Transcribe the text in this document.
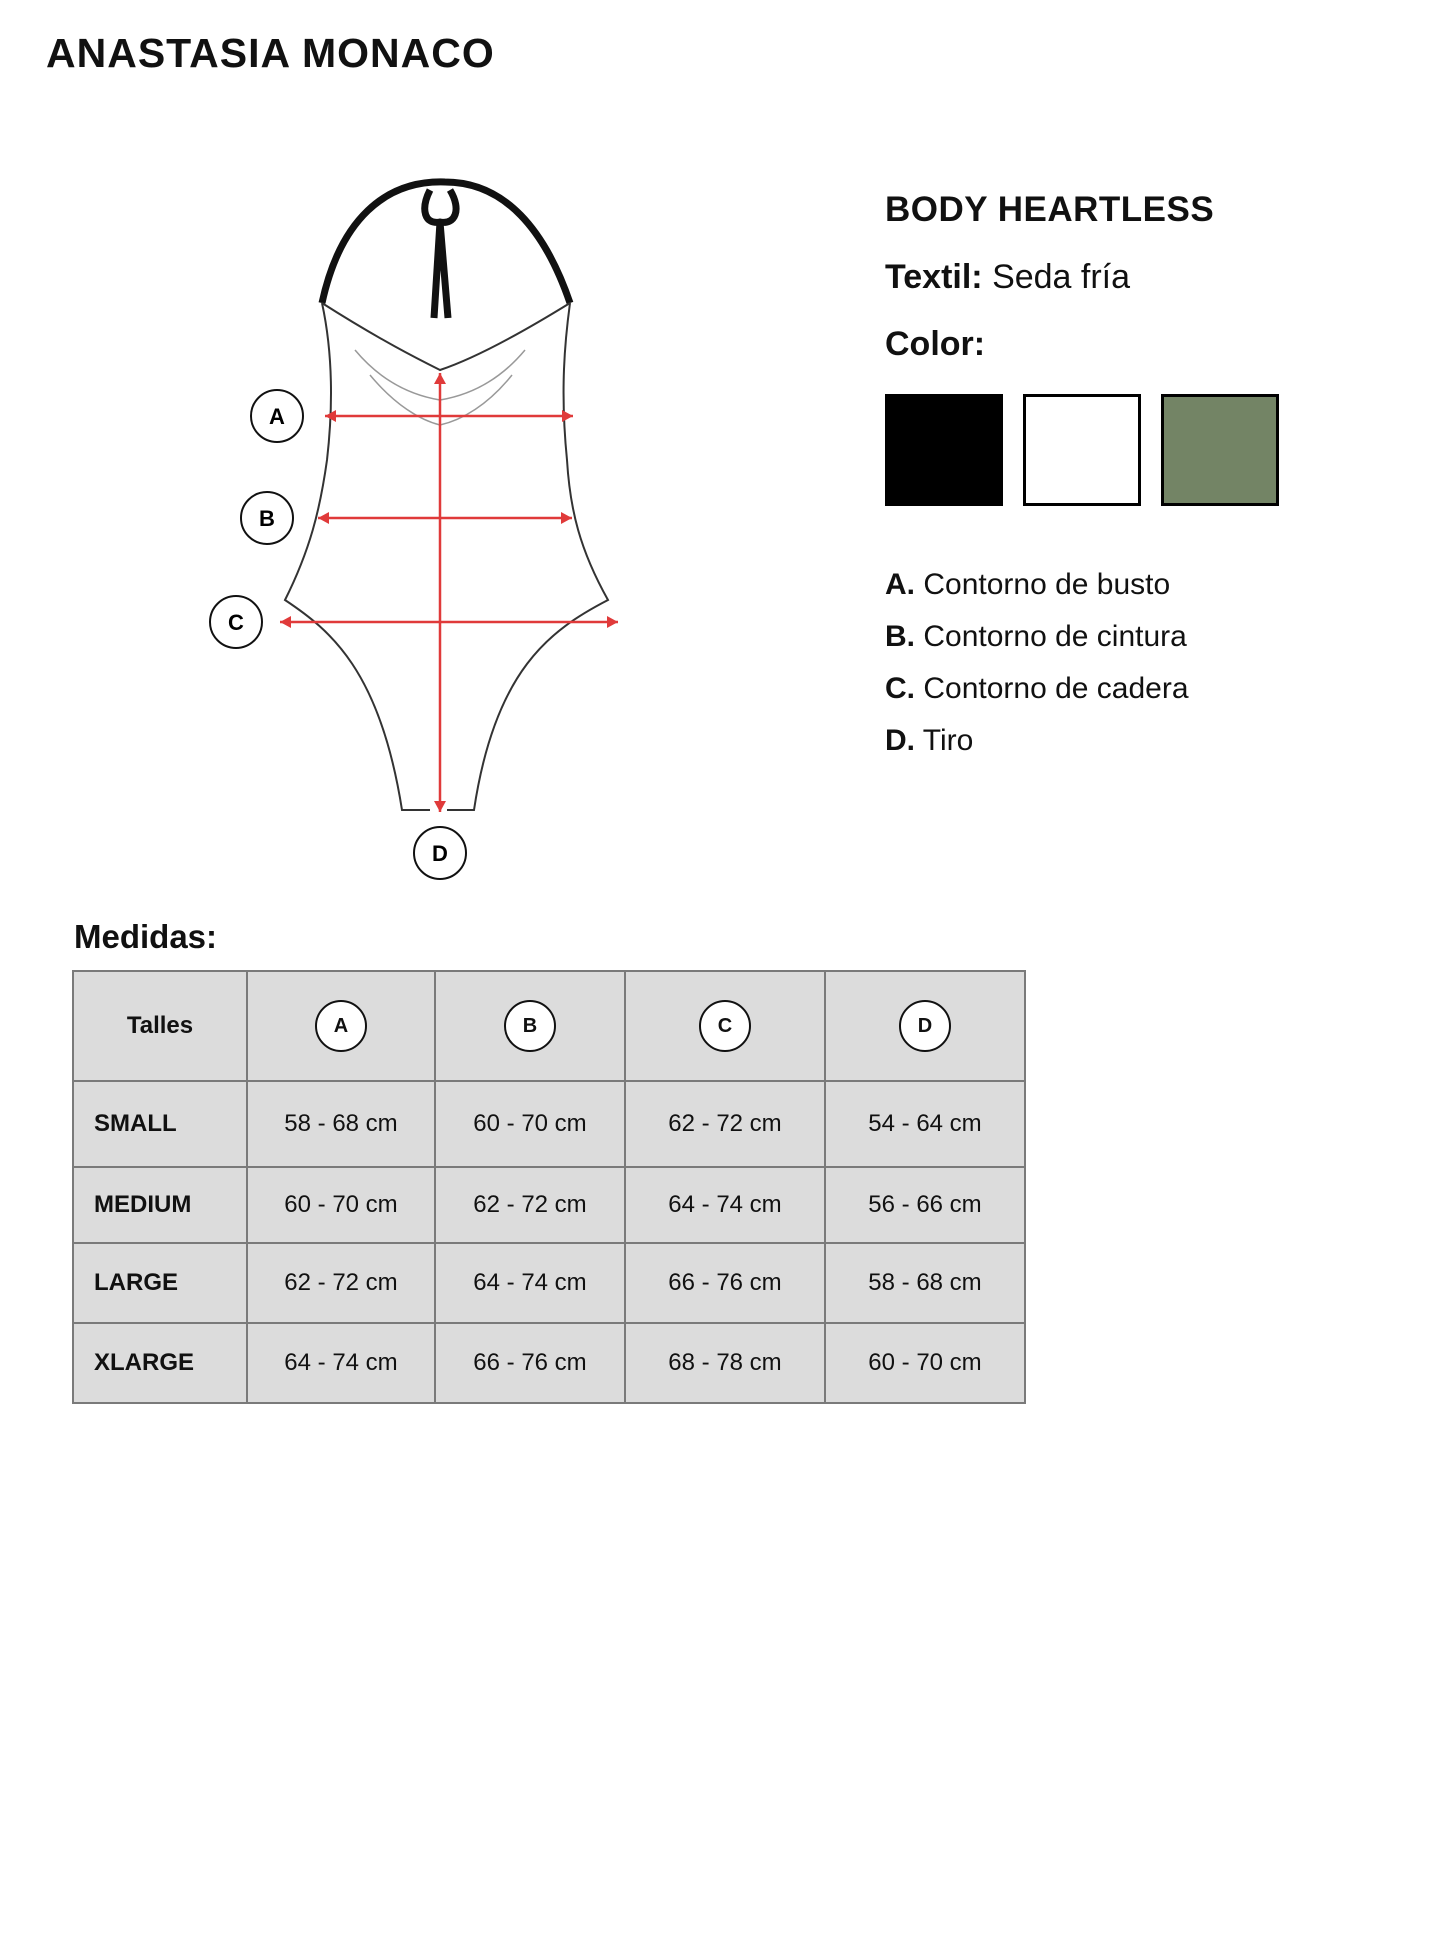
ANASTASIA MONACO
A
B
C
D
BODY HEARTLESS
Textil: Seda fría
Color:
A. Contorno de busto
B. Contorno de cintura
C. Contorno de cadera
D. Tiro
Medidas:
Talles	A	B	C	D
SMALL	58 - 68 cm	60 - 70 cm	62 - 72 cm	54 - 64 cm
MEDIUM	60 - 70 cm	62 - 72 cm	64 - 74 cm	56 - 66 cm
LARGE	62 - 72 cm	64 - 74 cm	66 - 76 cm	58 - 68 cm
XLARGE	64 - 74 cm	66 - 76 cm	68 - 78 cm	60 - 70 cm
